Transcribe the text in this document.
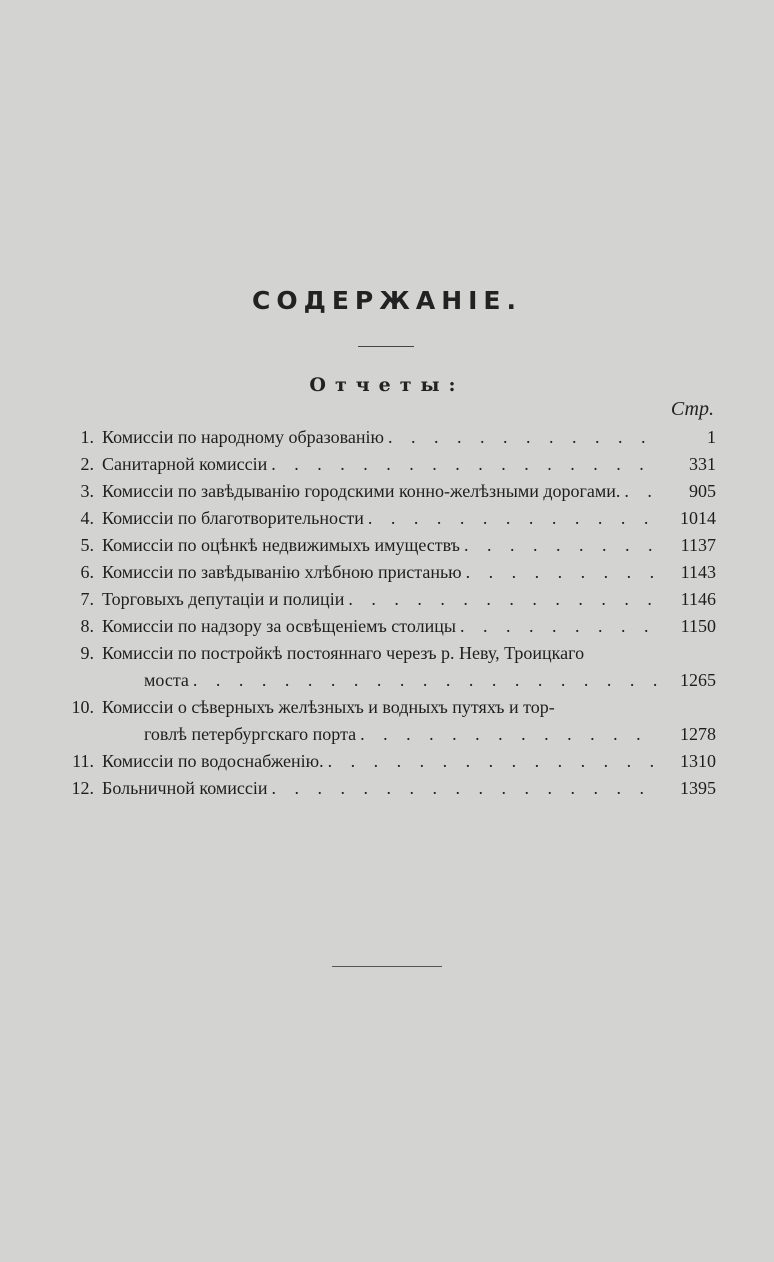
СОДЕРЖАНІЕ.
Отчеты:
Стр.
1. Комиссіи по народному образованію . . .	1
2. Санитарной комиссіи . . .	331
3. Комиссіи по завѣдыванію городскими конно-желѣзными дорогами. . . .	905
4. Комиссіи по благотворительности . . .	1014
5. Комиссіи по оцѣнкѣ недвижимыхъ имуществъ . . .	1137
6. Комиссіи по завѣдыванію хлѣбною пристанью . . .	1143
7. Торговыхъ депутаціи и полиціи . . .	1146
8. Комиссіи по надзору за освѣщеніемъ столицы . . .	1150
9. Комиссіи по постройкѣ постояннаго черезъ р. Неву, Троицкаго
моста . . .	1265
10. Комиссіи о сѣверныхъ желѣзныхъ и водныхъ путяхъ и тор-
говлѣ петербургскаго порта . . .	1278
11. Комиссіи по водоснабженію. . . .	1310
12. Больничной комиссіи . . .	1395
